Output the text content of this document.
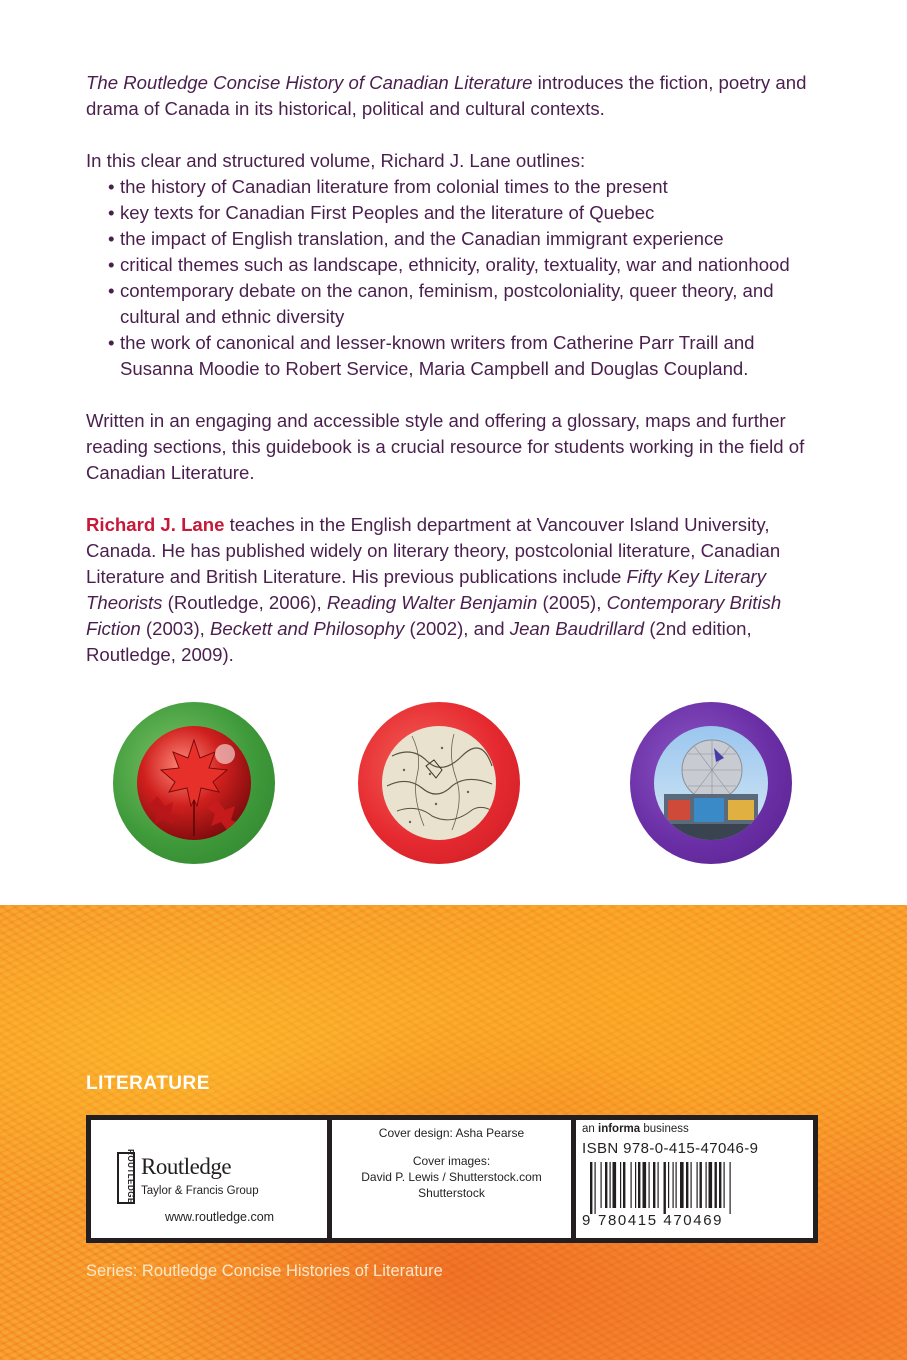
The Routledge Concise History of Canadian Literature introduces the fiction, poetry and drama of Canada in its historical, political and cultural contexts.

In this clear and structured volume, Richard J. Lane outlines:

• the history of Canadian literature from colonial times to the present
• key texts for Canadian First Peoples and the literature of Quebec
• the impact of English translation, and the Canadian immigrant experience
• critical themes such as landscape, ethnicity, orality, textuality, war and nationhood
• contemporary debate on the canon, feminism, postcoloniality, queer theory, and cultural and ethnic diversity
• the work of canonical and lesser-known writers from Catherine Parr Traill and Susanna Moodie to Robert Service, Maria Campbell and Douglas Coupland.

Written in an engaging and accessible style and offering a glossary, maps and further reading sections, this guidebook is a crucial resource for students working in the field of Canadian Literature.

Richard J. Lane teaches in the English department at Vancouver Island University, Canada. He has published widely on literary theory, postcolonial literature, Canadian Literature and British Literature. His previous publications include Fifty Key Literary Theorists (Routledge, 2006), Reading Walter Benjamin (2005), Contemporary British Fiction (2003), Beckett and Philosophy (2002), and Jean Baudrillard (2nd edition, Routledge, 2009).

LITERATURE
ROUTLEDGE Routledge
Taylor & Francis Group
www.routledge.com
Cover design: Asha Pearse
Cover images:
David P. Lewis / Shutterstock.com
Shutterstock
an informa business
ISBN 978-0-415-47046-9
9 780415 470469
Series: Routledge Concise Histories of Literature
